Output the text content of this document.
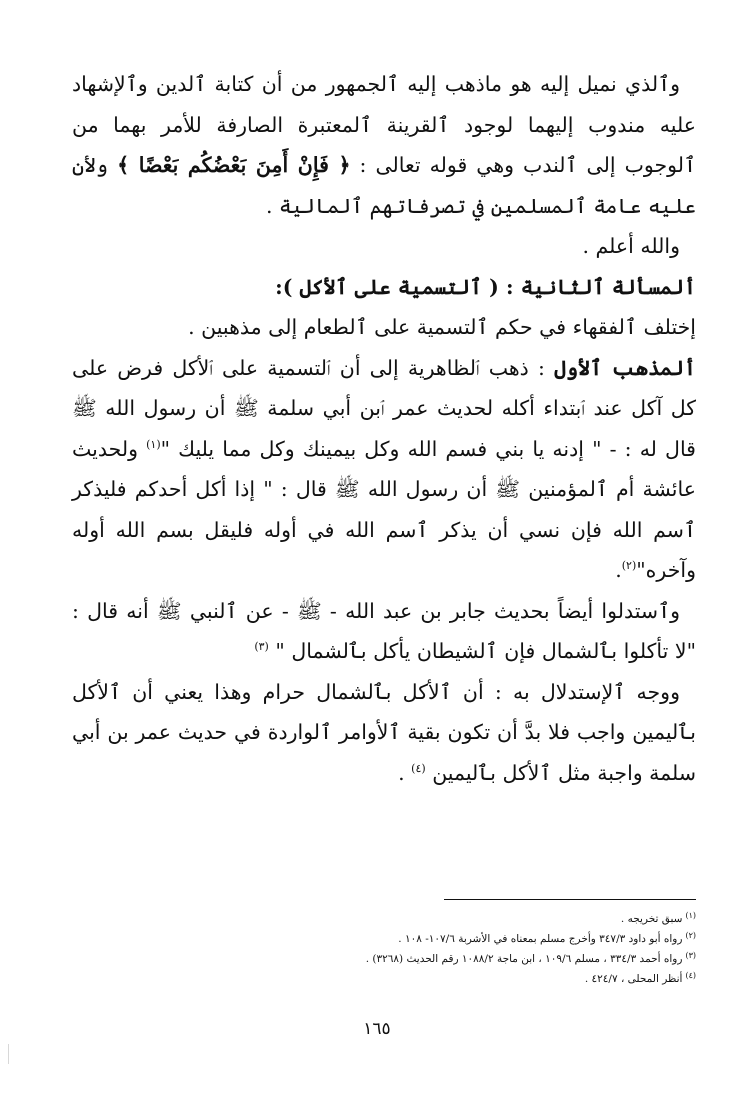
وٱلذي نميل إليه هو ماذهب إليه ٱلجمهور من أن كتابة ٱلدين وٱلإشهاد عليه مندوب إليهما لوجود ٱلقرينة ٱلمعتبرة الصارفة للأمر بهما من ٱلوجوب إلى ٱلندب وهي قوله تعالى : ﴿ فَإِنْ أَمِنَ بَعْضُكُم بَعْضًا ﴾ ولأن عليه عامة ٱلمسلمين في تصرفاتهم ٱلمالية .

والله أعلم .

ألمسألة ٱلثانية : ( ٱلتسمية على ٱلأكل ):

إختلف ٱلفقهاء في حكم ٱلتسمية على ٱلطعام إلى مذهبين .

ألمذهب ٱلأول : ذهب ٱلظاهرية إلى أن ٱلتسمية على ٱلأكل فرض على كل آكل عند ٱبتداء أكله لحديث عمر ٱبن أبي سلمة ﷺ أن رسول الله ﷺ قال له : - " إدنه يا بني فسم الله وكل بيمينك وكل مما يليك "$^{(١)}$ ولحديث عائشة أم ٱلمؤمنين ﷺ أن رسول الله ﷺ قال : " إذا أكل أحدكم فليذكر ٱسم الله فإن نسي أن يذكر ٱسم الله في أوله فليقل بسم الله أوله وآخره"$^{(٢)}$.

وٱستدلوا أيضاً بحديث جابر بن عبد الله - ﷺ - عن ٱلنبي ﷺ أنه قال : "لا تأكلوا بٱلشمال فإن ٱلشيطان يأكل بٱلشمال " $^{(٣)}$

ووجه ٱلإستدلال به : أن ٱلأكل بٱلشمال حرام وهذا يعني أن ٱلأكل بٱليمين واجب فلا بدَّ أن تكون بقية ٱلأوامر ٱلواردة في حديث عمر بن أبي سلمة واجبة مثل ٱلأكل بٱليمين $^{(٤)}$ .

$^{(١)}$سبق تخريجه .

$^{(٢)}$رواه أبو داود ٣٤٧/٣ وأخرج مسلم بمعناه في الأشربة ١٠٧/٦- ١٠٨ .

$^{(٣)}$رواه أحمد ٣٣٤/٣ ، مسلم ١٠٩/٦ ، ابن ماجة ١٠٨٨/٢ رقم الحديث (٣٢٦٨) .

$^{(٤)}$أنظر المحلى ، ٤٢٤/٧ .

١٦٥
